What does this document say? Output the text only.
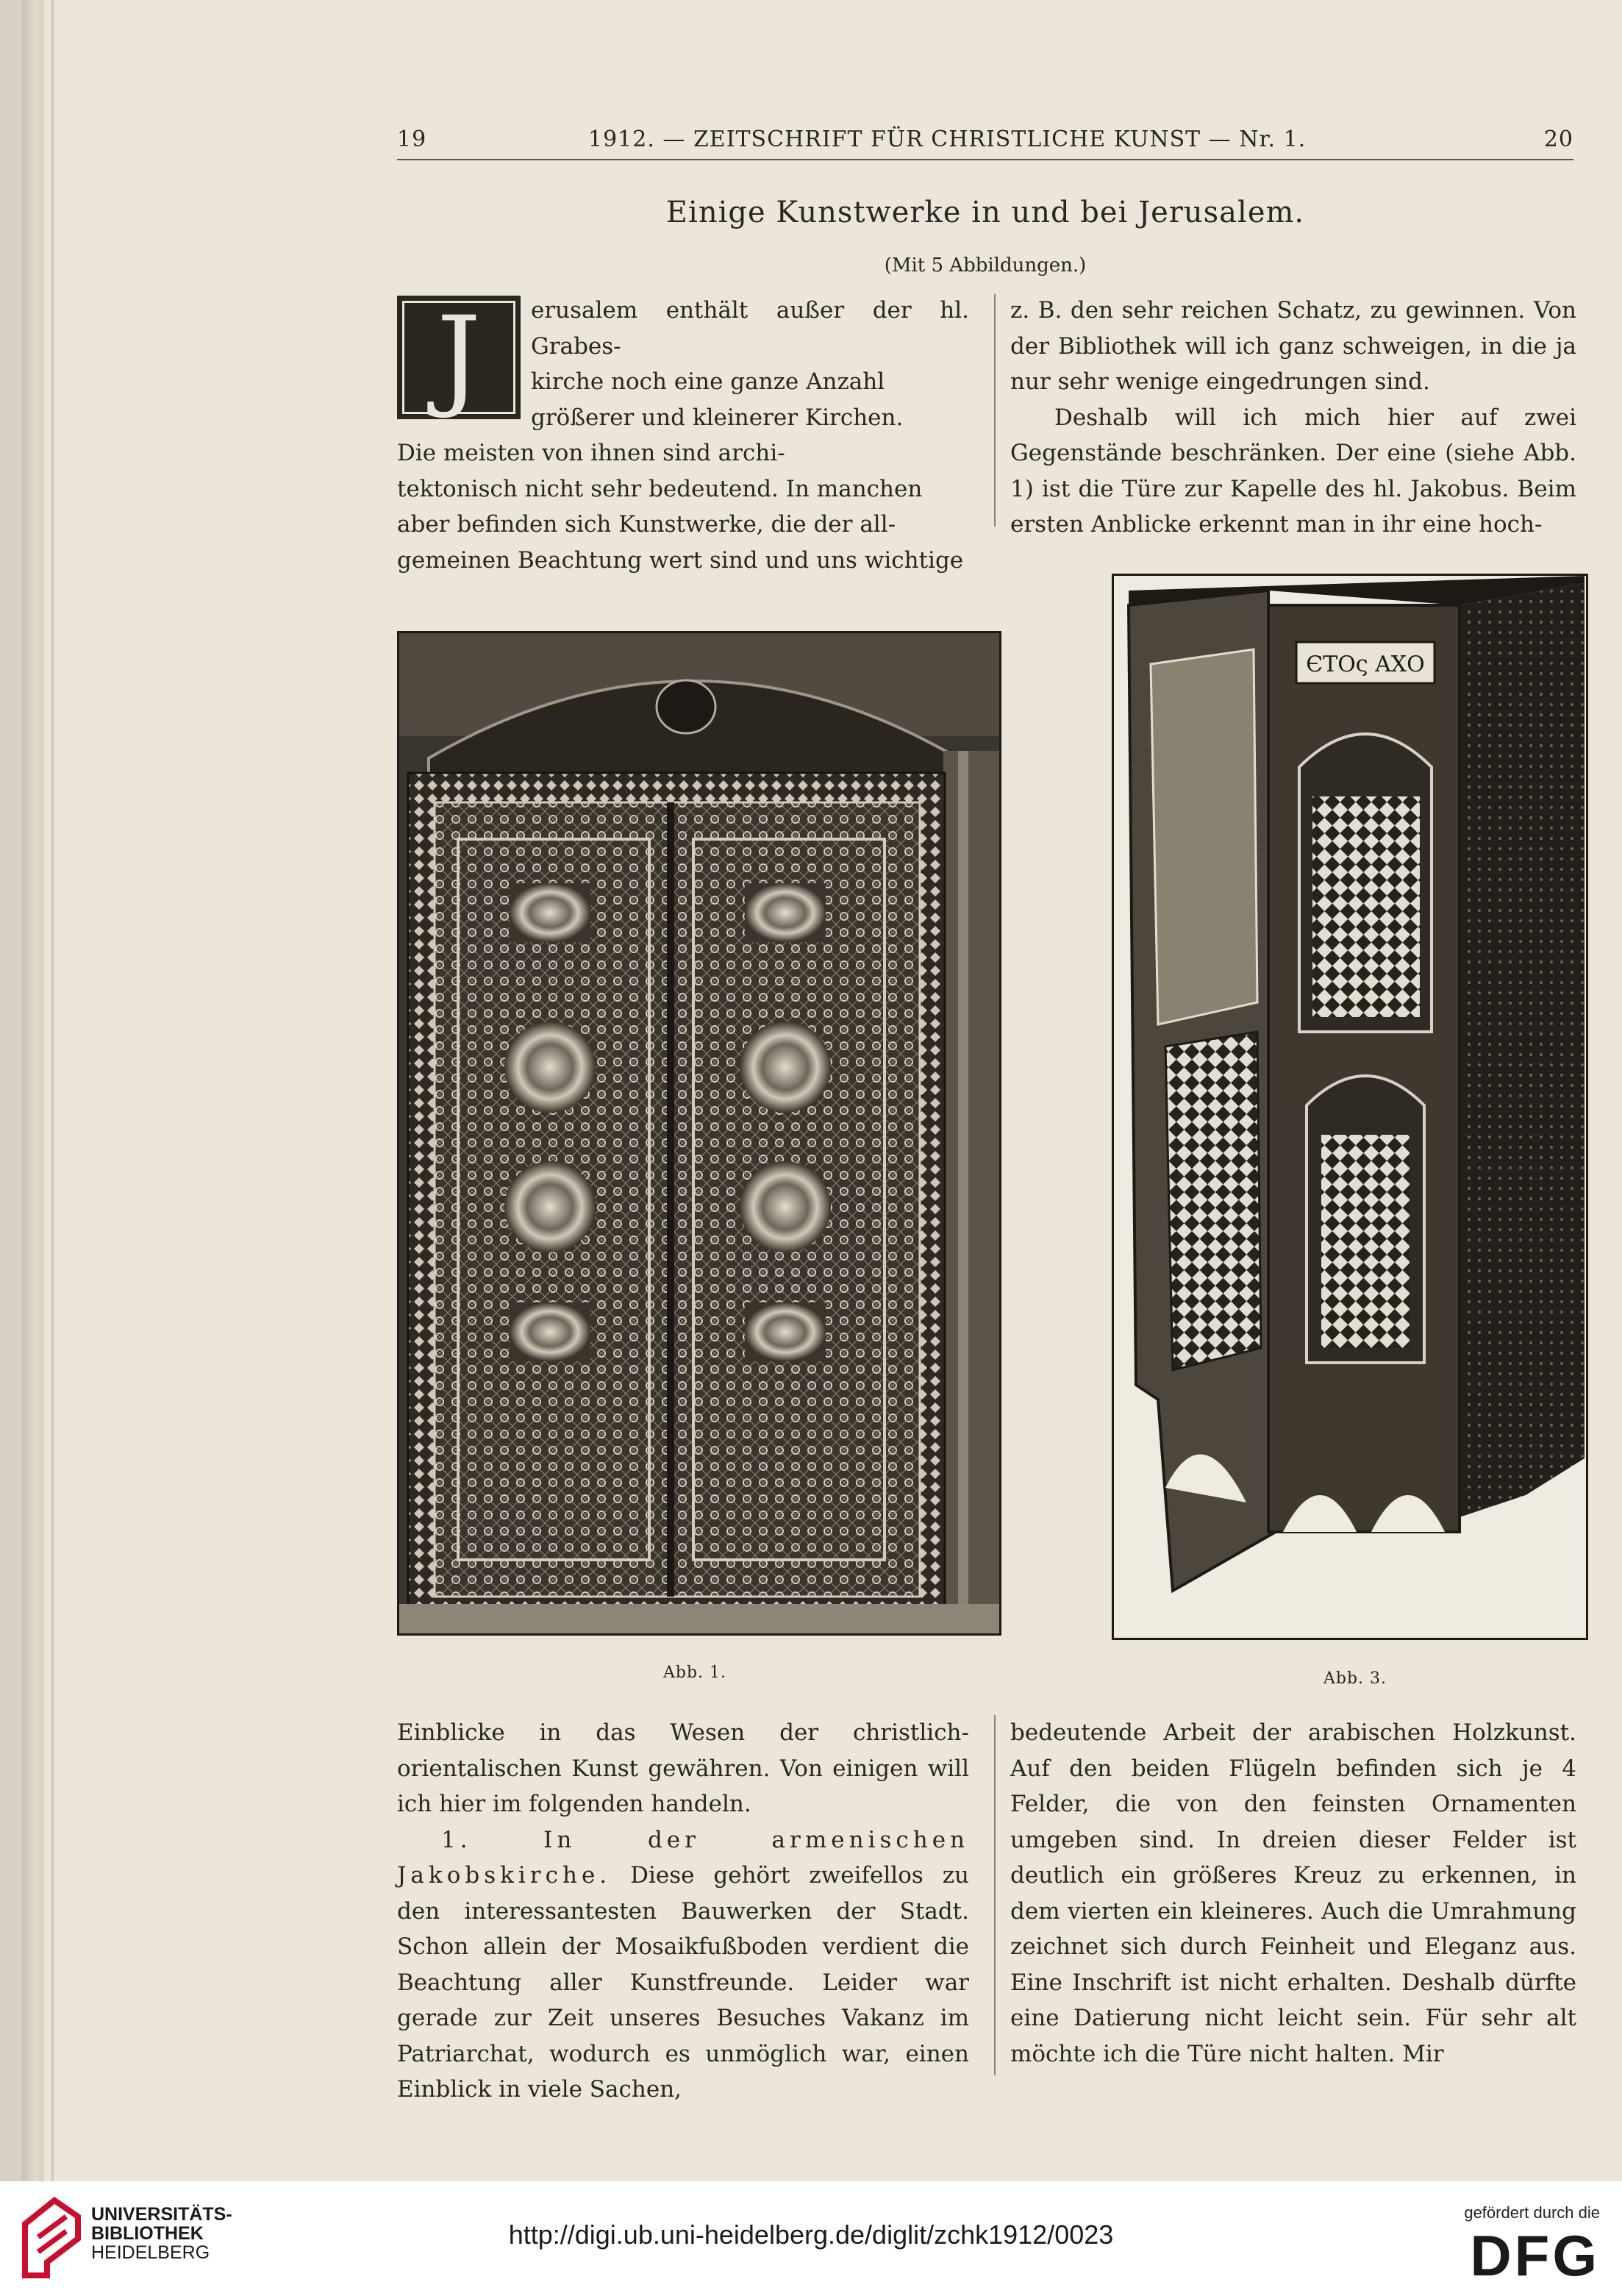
19	1912. — ZEITSCHRIFT FÜR CHRISTLICHE KUNST — Nr. 1.	20
Einige Kunstwerke in und bei Jerusalem.
(Mit 5 Abbildungen.)
J	erusalem enthält außer der hl. Grabes-
kirche noch eine ganze Anzahl
größerer und kleinerer Kirchen.
Die meisten von ihnen sind archi-
tektonisch nicht sehr bedeutend. In manchen
aber befinden sich Kunstwerke, die der all-
gemeinen Beachtung wert sind und uns wichtige

z. B. den sehr reichen Schatz, zu gewinnen. Von der Bibliothek will ich ganz schweigen, in die ja nur sehr wenige eingedrungen sind.

Deshalb will ich mich hier auf zwei Gegenstände beschränken. Der eine (siehe Abb. 1) ist die Türe zur Kapelle des hl. Jakobus. Beim ersten Anblicke erkennt man in ihr eine hoch-

Abb. 1.
ЄΤΟς ΑΧΟ
Abb. 3.

Einblicke in das Wesen der christlich-orientalischen Kunst gewähren. Von einigen will ich hier im folgenden handeln.

1. In der armenischen Jakobskirche. Diese gehört zweifellos zu den interessantesten Bauwerken der Stadt. Schon allein der Mosaikfußboden verdient die Beachtung aller Kunstfreunde. Leider war gerade zur Zeit unseres Besuches Vakanz im Patriarchat, wodurch es unmöglich war, einen Einblick in viele Sachen,

bedeutende Arbeit der arabischen Holzkunst. Auf den beiden Flügeln befinden sich je 4 Felder, die von den feinsten Ornamenten umgeben sind. In dreien dieser Felder ist deutlich ein größeres Kreuz zu erkennen, in dem vierten ein kleineres. Auch die Umrahmung zeichnet sich durch Feinheit und Eleganz aus. Eine Inschrift ist nicht erhalten. Deshalb dürfte eine Datierung nicht leicht sein. Für sehr alt möchte ich die Türe nicht halten. Mir

UNIVERSITÄTS-
BIBLIOTHEK
HEIDELBERG
http://digi.ub.uni-heidelberg.de/diglit/zchk1912/0023
gefördert durch die
DFG
